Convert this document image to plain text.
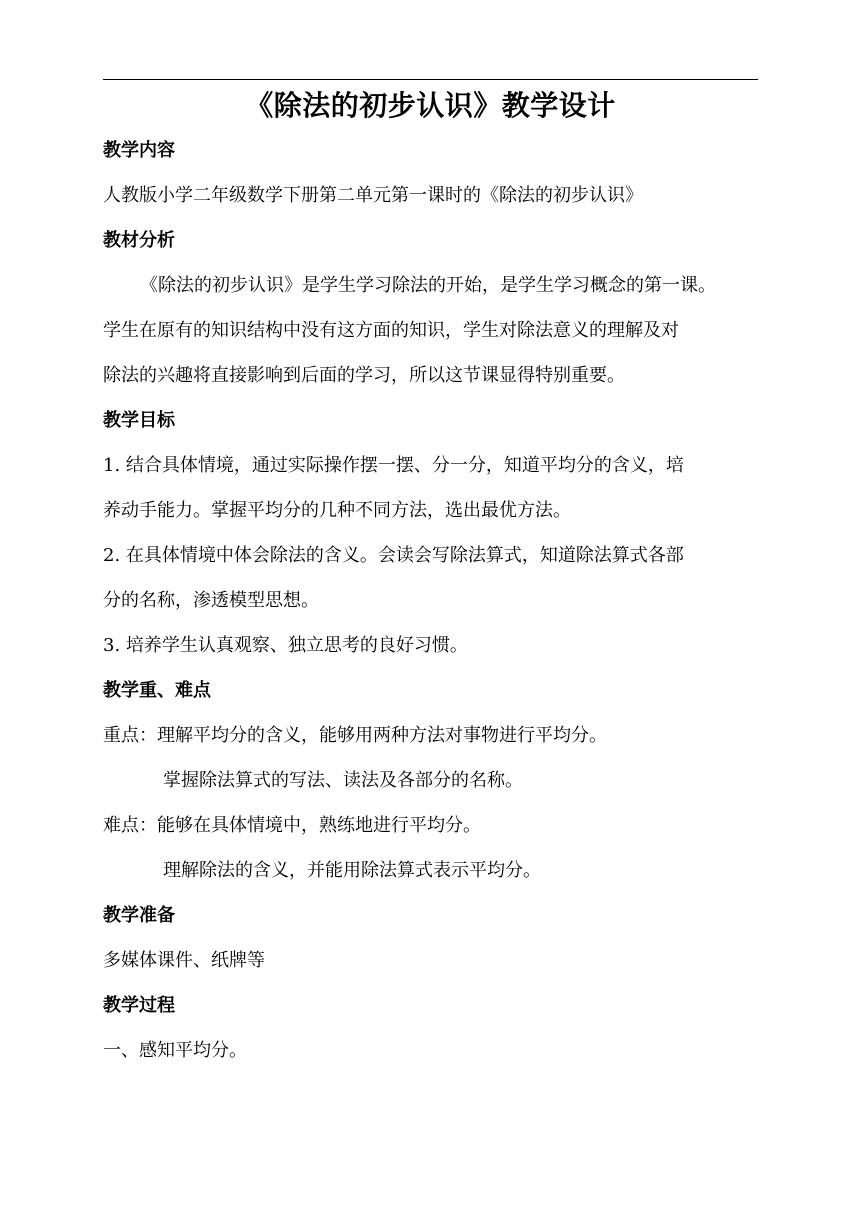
《除法的初步认识》教学设计
教学内容
人教版小学二年级数学下册第二单元第一课时的《除法的初步认识》
教材分析
《除法的初步认识》是学生学习除法的开始，是学生学习概念的第一课。
学生在原有的知识结构中没有这方面的知识，学生对除法意义的理解及对
除法的兴趣将直接影响到后面的学习，所以这节课显得特别重要。
教学目标
1. 结合具体情境，通过实际操作摆一摆、分一分，知道平均分的含义，培
养动手能力。掌握平均分的几种不同方法，选出最优方法。
2. 在具体情境中体会除法的含义。会读会写除法算式，知道除法算式各部
分的名称，渗透模型思想。
3. 培养学生认真观察、独立思考的良好习惯。
教学重、难点
重点：理解平均分的含义，能够用两种方法对事物进行平均分。
掌握除法算式的写法、读法及各部分的名称。
难点：能够在具体情境中，熟练地进行平均分。
理解除法的含义，并能用除法算式表示平均分。
教学准备
多媒体课件、纸牌等
教学过程
一、感知平均分。
